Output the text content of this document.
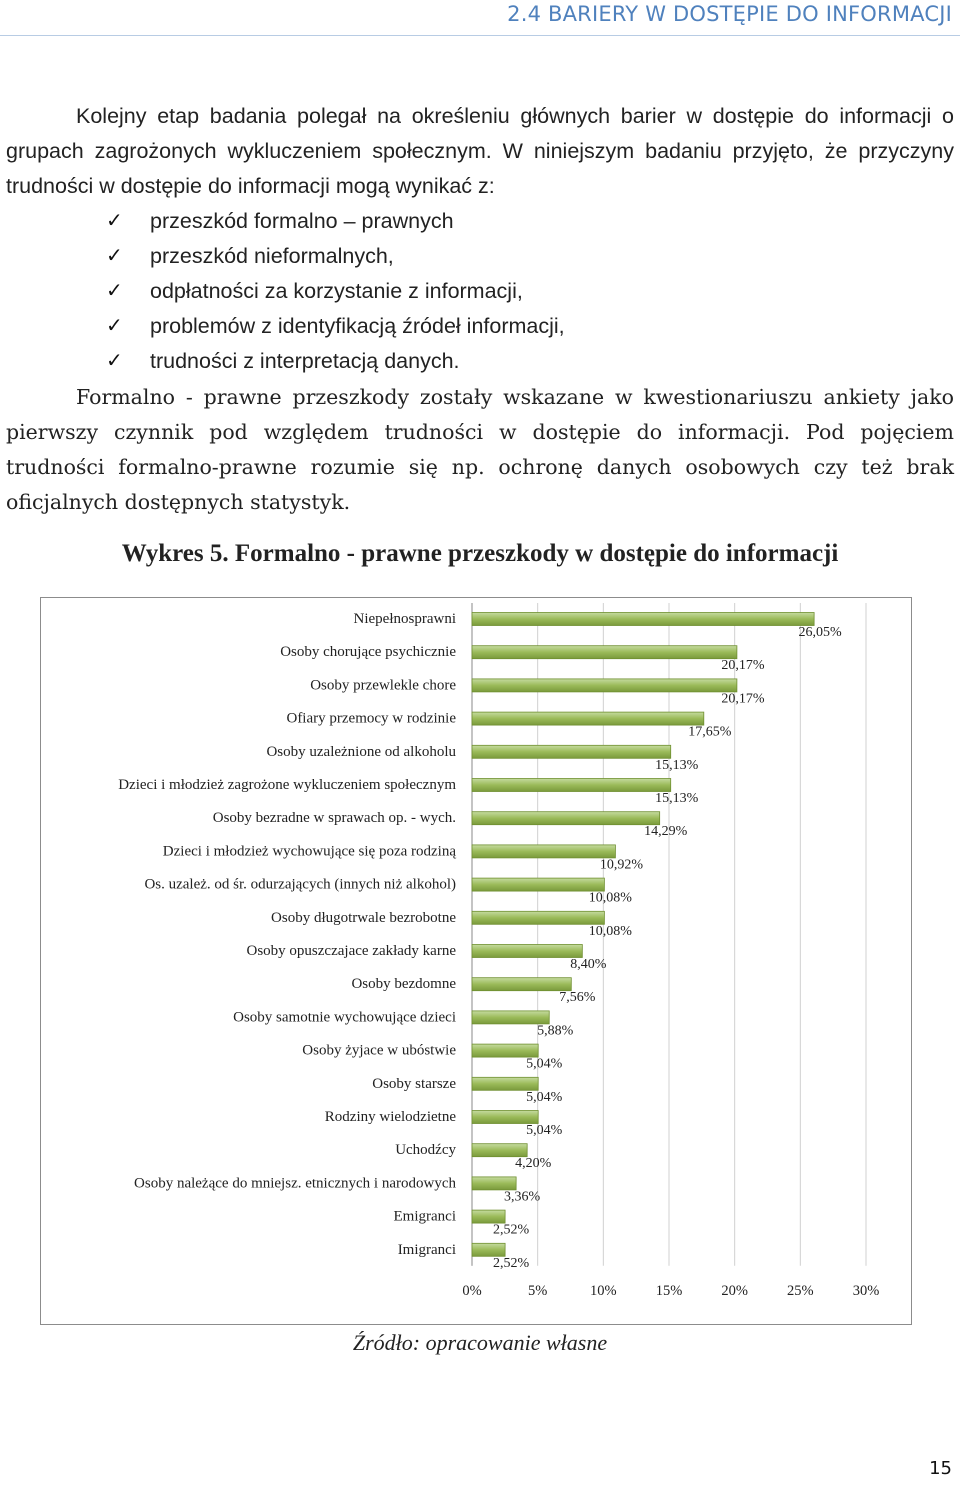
2.4 BARIERY W DOSTĘPIE DO INFORMACJI

Kolejny etap badania polegał na określeniu głównych barier w dostępie do informacji o grupach zagrożonych wykluczeniem społecznym. W niniejszym badaniu przyjęto, że przyczyny trudności w dostępie do informacji mogą wynikać z:

✓ przeszkód formalno – prawnych
✓ przeszkód nieformalnych,
✓ odpłatności za korzystanie z informacji,
✓ problemów z identyfikacją źródeł informacji,
✓ trudności z interpretacją danych.

Formalno - prawne przeszkody zostały wskazane w kwestionariuszu ankiety jako pierwszy czynnik pod względem trudności w dostępie do informacji. Pod pojęciem trudności formalno-prawne rozumie się np. ochronę danych osobowych czy też brak oficjalnych dostępnych statystyk.

Wykres 5. Formalno - prawne przeszkody w dostępie do informacji
Niepełnosprawni
26,05%
Osoby chorujące psychicznie
20,17%
Osoby przewlekle chore
20,17%
Ofiary przemocy w rodzinie
17,65%
Osoby uzależnione od alkoholu
15,13%
Dzieci i młodzież zagrożone wykluczeniem społecznym
15,13%
Osoby bezradne w sprawach op. - wych.
14,29%
Dzieci i młodzież wychowujące się poza rodziną
10,92%
Os. uzależ. od śr. odurzających (innych niż alkohol)
10,08%
Osoby długotrwale bezrobotne
10,08%
Osoby opuszczajace zakłady karne
8,40%
Osoby bezdomne
7,56%
Osoby samotnie wychowujące dzieci
5,88%
Osoby żyjace w ubóstwie
5,04%
Osoby starsze
5,04%
Rodziny wielodzietne
5,04%
Uchodźcy
4,20%
Osoby należące do mniejsz. etnicznych i narodowych
3,36%
Emigranci
2,52%
Imigranci
2,52%
0%	5%	10%	15%	20%	25%	30%
Źródło: opracowanie własne
15
